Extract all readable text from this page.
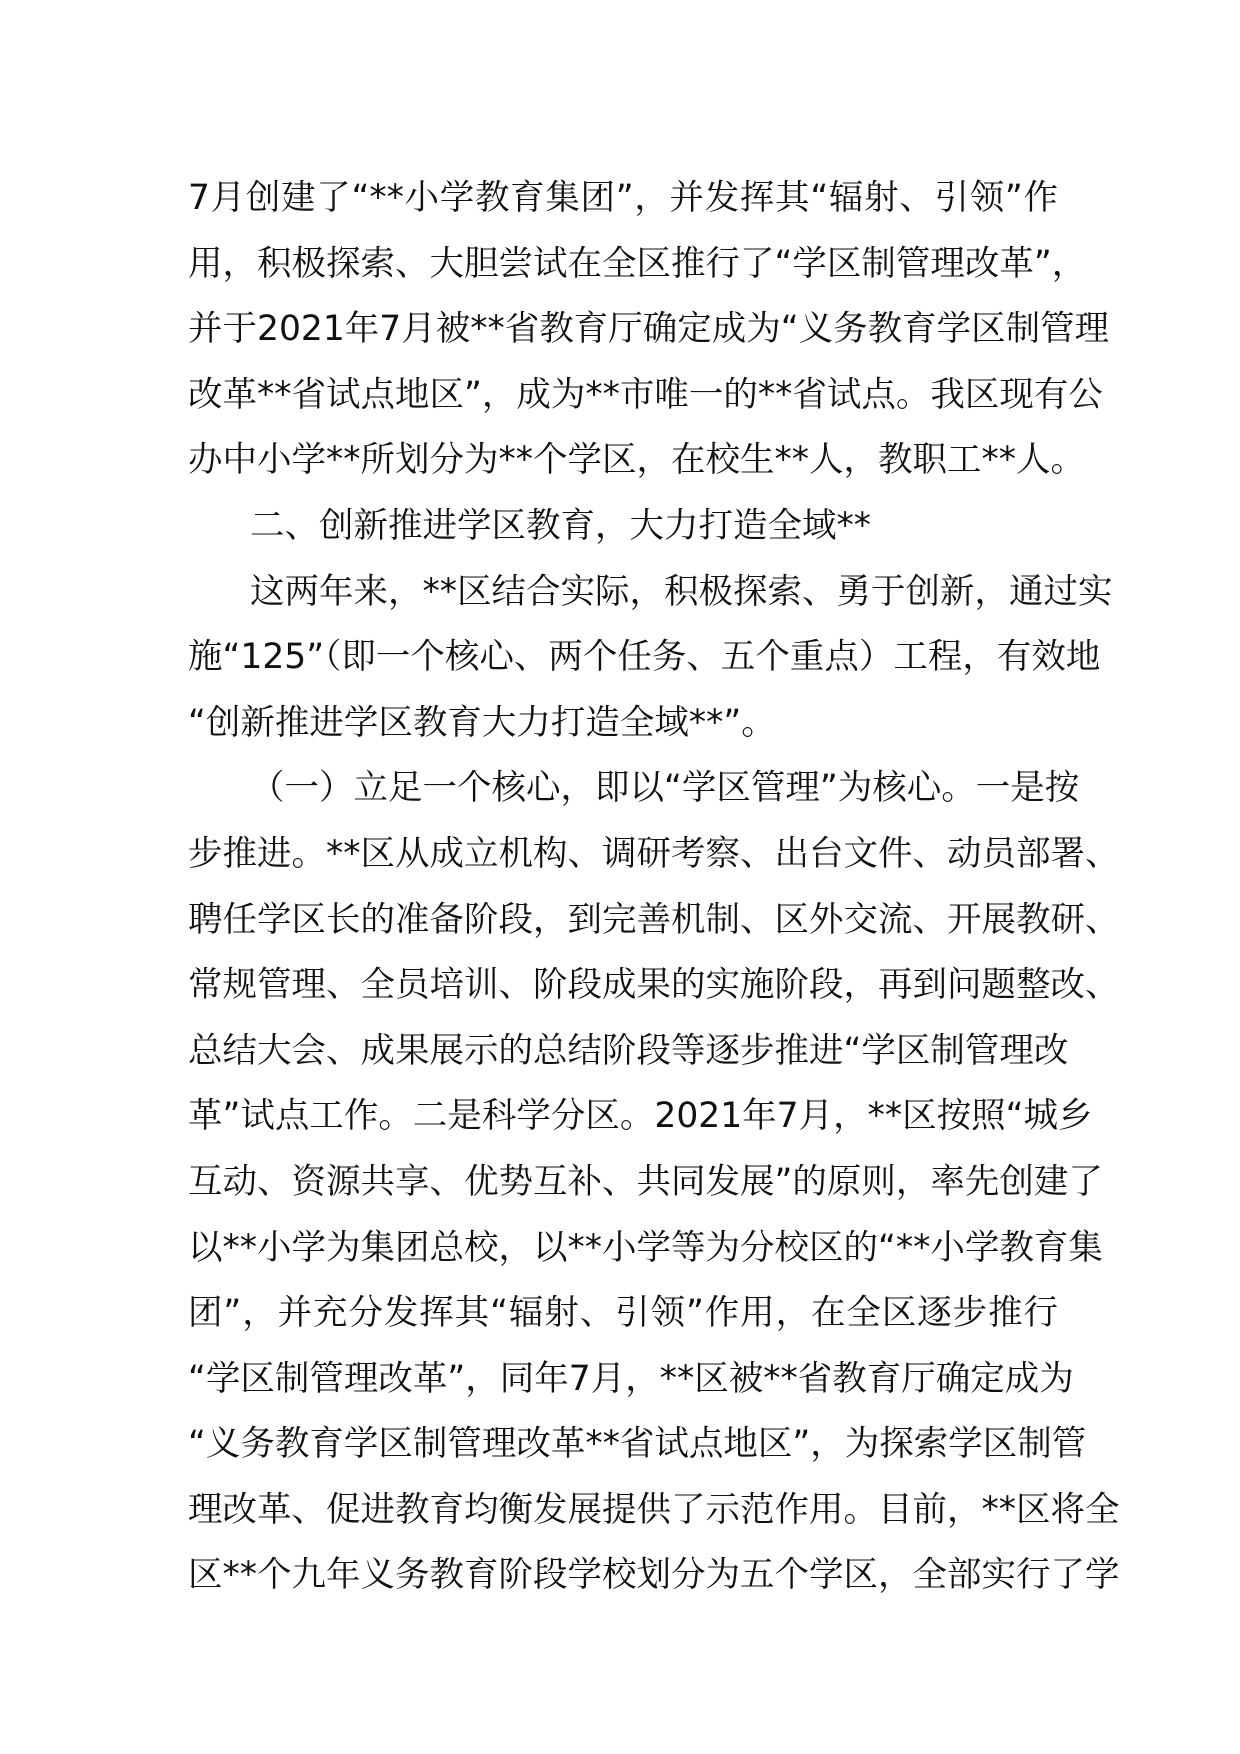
7月创建了“**小学教育集团”，并发挥其“辐射、引领”作
用，积极探索、大胆尝试在全区推行了“学区制管理改革”，
并于2021年7月被**省教育厅确定成为“义务教育学区制管理
改革**省试点地区”，成为**市唯一的**省试点。我区现有公
办中小学**所划分为**个学区，在校生**人，教职工**人。
二、创新推进学区教育，大力打造全域**
这两年来，**区结合实际，积极探索、勇于创新，通过实
施“125”（即一个核心、两个任务、五个重点）工程，有效地
“创新推进学区教育大力打造全域**”。
（一）立足一个核心，即以“学区管理”为核心。一是按
步推进。**区从成立机构、调研考察、出台文件、动员部署、
聘任学区长的准备阶段，到完善机制、区外交流、开展教研、
常规管理、全员培训、阶段成果的实施阶段，再到问题整改、
总结大会、成果展示的总结阶段等逐步推进“学区制管理改
革”试点工作。二是科学分区。2021年7月，**区按照“城乡
互动、资源共享、优势互补、共同发展”的原则，率先创建了
以**小学为集团总校，以**小学等为分校区的“**小学教育集
团”，并充分发挥其“辐射、引领”作用，在全区逐步推行
“学区制管理改革”，同年7月，**区被**省教育厅确定成为
“义务教育学区制管理改革**省试点地区”，为探索学区制管
理改革、促进教育均衡发展提供了示范作用。目前，**区将全
区**个九年义务教育阶段学校划分为五个学区，全部实行了学
